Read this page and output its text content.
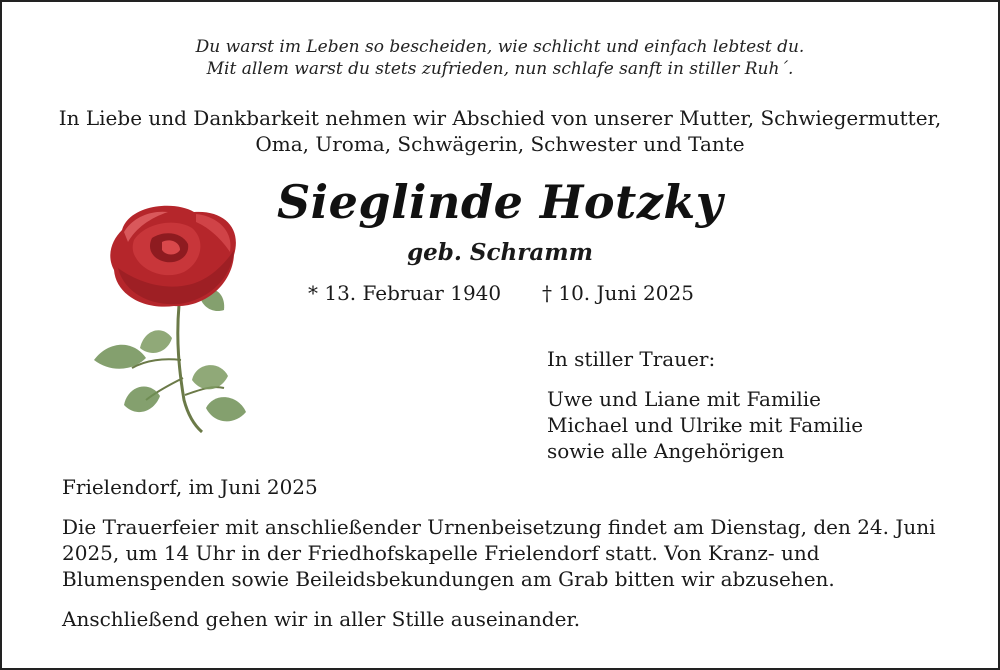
Du warst im Leben so bescheiden, wie schlicht und einfach lebtest du.
Mit allem warst du stets zufrieden, nun schlafe sanft in stiller Ruh´.
In Liebe und Dankbarkeit nehmen wir Abschied von unserer Mutter, Schwiegermutter,
Oma, Uroma, Schwägerin, Schwester und Tante
Sieglinde Hotzky
geb. Schramm
* 13. Februar 1940 † 10. Juni 2025
In stiller Trauer:
Uwe und Liane mit Familie
Michael und Ulrike mit Familie
sowie alle Angehörigen
Frielendorf, im Juni 2025
Die Trauerfeier mit anschließender Urnenbeisetzung findet am Dienstag, den 24. Juni
2025, um 14 Uhr in der Friedhofskapelle Frielendorf statt. Von Kranz- und
Blumenspenden sowie Beileidsbekundungen am Grab bitten wir abzusehen.
Anschließend gehen wir in aller Stille auseinander.
